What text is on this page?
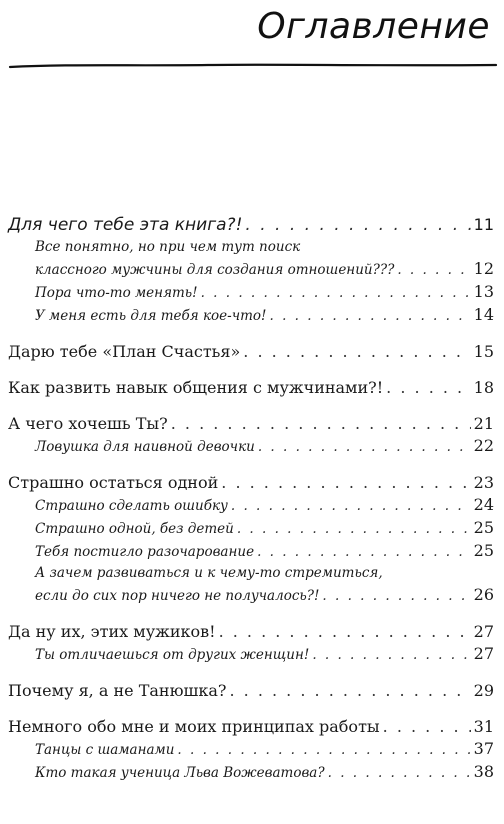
Оглавление
Для чего тебе эта книга?! . . .	11
Все понятно, но при чем тут поиск
классного мужчины для создания отношений??? . . .	12
Пора что-то менять! . . .	13
У меня есть для тебя кое-что! . . .	14
Дарю тебе «План Счастья» . . .	15
Как развить навык общения с мужчинами?! . . .	18
А чего хочешь Ты? . . .	21
Ловушка для наивной девочки . . .	22
Страшно остаться одной . . .	23
Страшно сделать ошибку . . .	24
Страшно одной, без детей . . .	25
Тебя постигло разочарование . . .	25
А зачем развиваться и к чему-то стремиться,
если до сих пор ничего не получалось?! . . .	26
Да ну их, этих мужиков! . . .	27
Ты отличаешься от других женщин! . . .	27
Почему я, а не Танюшка? . . .	29
Немного обо мне и моих принципах работы . . .	31
Танцы с шаманами . . .	37
Кто такая ученица Льва Вожеватова? . . .	38
